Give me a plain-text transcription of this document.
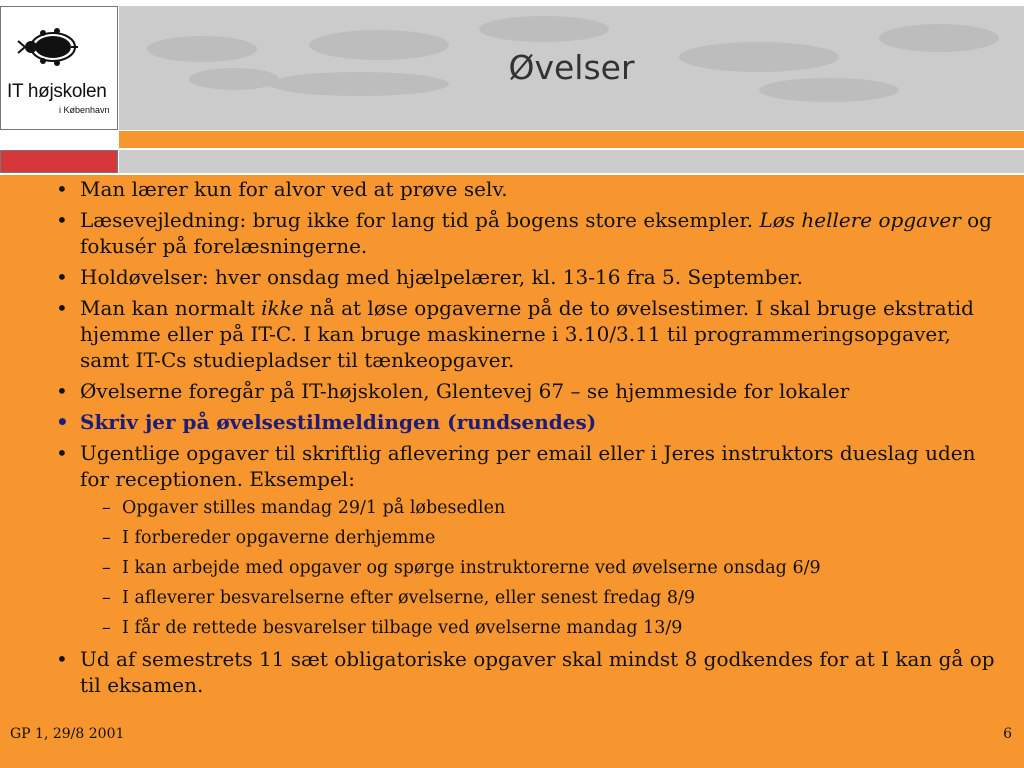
IT højskolen
i København
Øvelser
• Man lærer kun for alvor ved at prøve selv.
• Læsevejledning: brug ikke for lang tid på bogens store eksempler. Løs hellere opgaver og fokusér på forelæsningerne.
• Holdøvelser: hver onsdag med hjælpelærer, kl. 13-16 fra 5. September.
• Man kan normalt ikke nå at løse opgaverne på de to øvelsestimer. I skal bruge ekstratid hjemme eller på IT-C. I kan bruge maskinerne i 3.10/3.11 til programmeringsopgaver, samt IT-Cs studiepladser til tænkeopgaver.
• Øvelserne foregår på IT-højskolen, Glentevej 67 – se hjemmeside for lokaler
• Skriv jer på øvelsestilmeldingen (rundsendes)
• Ugentlige opgaver til skriftlig aflevering per email eller i Jeres instruktors dueslag uden for receptionen. Eksempel:
– Opgaver stilles mandag 29/1 på løbesedlen
– I forbereder opgaverne derhjemme
– I kan arbejde med opgaver og spørge instruktorerne ved øvelserne onsdag 6/9
– I afleverer besvarelserne efter øvelserne, eller senest fredag 8/9
– I får de rettede besvarelser tilbage ved øvelserne mandag 13/9
• Ud af semestrets 11 sæt obligatoriske opgaver skal mindst 8 godkendes for at I kan gå op til eksamen.
GP 1, 29/8 2001	6
